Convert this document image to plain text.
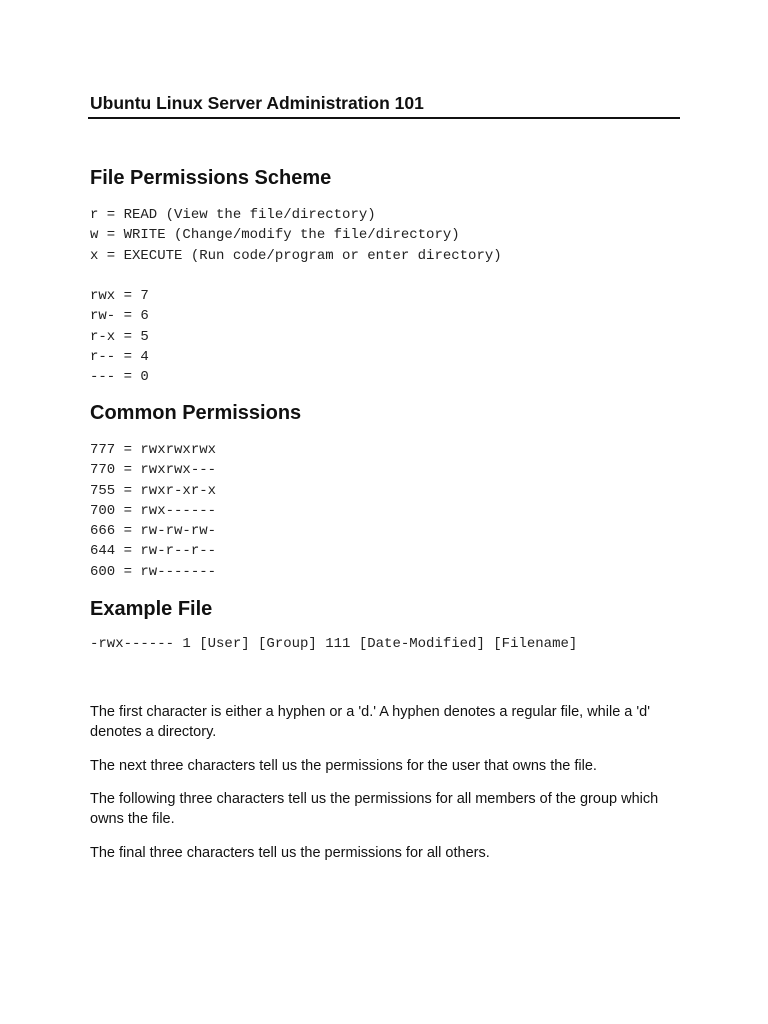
Ubuntu Linux Server Administration 101
File Permissions Scheme
r = READ (View the file/directory)
w = WRITE (Change/modify the file/directory)
x = EXECUTE (Run code/program or enter directory)
rwx = 7
rw- = 6
r-x = 5
r-- = 4
--- = 0
Common Permissions
777 = rwxrwxrwx
770 = rwxrwx---
755 = rwxr-xr-x
700 = rwx------
666 = rw-rw-rw-
644 = rw-r--r--
600 = rw-------
Example File
-rwx------ 1 [User] [Group] 111 [Date-Modified] [Filename]

The first character is either a hyphen or a 'd.' A hyphen denotes a regular file, while a 'd' denotes a directory.

The next three characters tell us the permissions for the user that owns the file.

The following three characters tell us the permissions for all members of the group which owns the file.

The final three characters tell us the permissions for all others.
